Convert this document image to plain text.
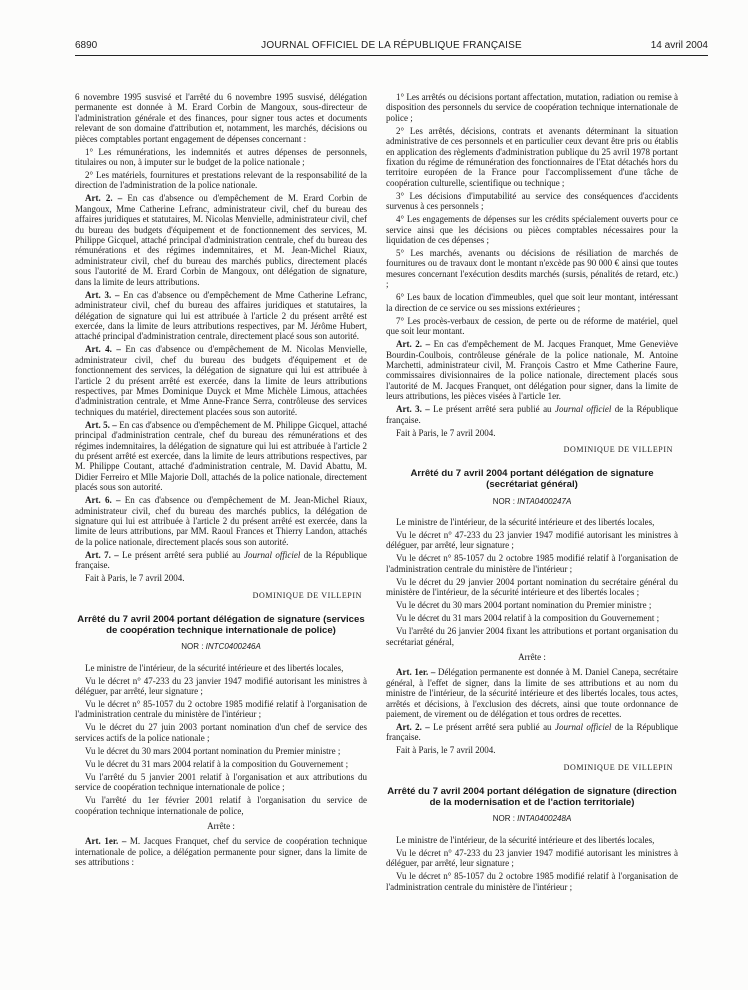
6890	JOURNAL OFFICIEL DE LA RÉPUBLIQUE FRANÇAISE	14 avril 2004

6 novembre 1995 susvisé et l'arrêté du 6 novembre 1995 susvisé, délégation permanente est donnée à M. Erard Corbin de Mangoux, sous-directeur de l'administration générale et des finances, pour signer tous actes et documents relevant de son domaine d'attribution et, notamment, les marchés, décisions ou pièces comptables portant engagement de dépenses concernant :

1° Les rémunérations, les indemnités et autres dépenses de personnels, titulaires ou non, à imputer sur le budget de la police nationale ;

2° Les matériels, fournitures et prestations relevant de la responsabilité de la direction de l'administration de la police nationale.

Art. 2. – En cas d'absence ou d'empêchement de M. Erard Corbin de Mangoux, Mme Catherine Lefranc, administrateur civil, chef du bureau des affaires juridiques et statutaires, M. Nicolas Menvielle, administrateur civil, chef du bureau des budgets d'équipement et de fonctionnement des services, M. Philippe Gicquel, attaché principal d'administration centrale, chef du bureau des rémunérations et des régimes indemnitaires, et M. Jean-Michel Riaux, administrateur civil, chef du bureau des marchés publics, directement placés sous l'autorité de M. Erard Corbin de Mangoux, ont délégation de signature, dans la limite de leurs attributions.

Art. 3. – En cas d'absence ou d'empêchement de Mme Catherine Lefranc, administrateur civil, chef du bureau des affaires juridiques et statutaires, la délégation de signature qui lui est attribuée à l'article 2 du présent arrêté est exercée, dans la limite de leurs attributions respectives, par M. Jérôme Hubert, attaché principal d'administration centrale, directement placé sous son autorité.

Art. 4. – En cas d'absence ou d'empêchement de M. Nicolas Menvielle, administrateur civil, chef du bureau des budgets d'équipement et de fonctionnement des services, la délégation de signature qui lui est attribuée à l'article 2 du présent arrêté est exercée, dans la limite de leurs attributions respectives, par Mmes Dominique Duyck et Mme Michèle Limous, attachées d'administration centrale, et Mme Anne-France Serra, contrôleuse des services techniques du matériel, directement placées sous son autorité.

Art. 5. – En cas d'absence ou d'empêchement de M. Philippe Gicquel, attaché principal d'administration centrale, chef du bureau des rémunérations et des régimes indemnitaires, la délégation de signature qui lui est attribuée à l'article 2 du présent arrêté est exercée, dans la limite de leurs attributions respectives, par M. Philippe Coutant, attaché d'administration centrale, M. David Abattu, M. Didier Ferreiro et Mlle Majorie Doll, attachés de la police nationale, directement placés sous son autorité.

Art. 6. – En cas d'absence ou d'empêchement de M. Jean-Michel Riaux, administrateur civil, chef du bureau des marchés publics, la délégation de signature qui lui est attribuée à l'article 2 du présent arrêté est exercée, dans la limite de leurs attributions, par MM. Raoul Frances et Thierry Landon, attachés de la police nationale, directement placés sous son autorité.

Art. 7. – Le présent arrêté sera publié au Journal officiel de la République française.

Fait à Paris, le 7 avril 2004.

DOMINIQUE DE VILLEPIN
Arrêté du 7 avril 2004 portant délégation de signature (services de coopération technique internationale de police)
NOR : INTC0400246A

Le ministre de l'intérieur, de la sécurité intérieure et des libertés locales,

Vu le décret n° 47-233 du 23 janvier 1947 modifié autorisant les ministres à déléguer, par arrêté, leur signature ;

Vu le décret n° 85-1057 du 2 octobre 1985 modifié relatif à l'organisation de l'administration centrale du ministère de l'intérieur ;

Vu le décret du 27 juin 2003 portant nomination d'un chef de service des services actifs de la police nationale ;

Vu le décret du 30 mars 2004 portant nomination du Premier ministre ;

Vu le décret du 31 mars 2004 relatif à la composition du Gouvernement ;

Vu l'arrêté du 5 janvier 2001 relatif à l'organisation et aux attributions du service de coopération technique internationale de police ;

Vu l'arrêté du 1er février 2001 relatif à l'organisation du service de coopération technique internationale de police,

Arrête :

Art. 1er. – M. Jacques Franquet, chef du service de coopération technique internationale de police, a délégation permanente pour signer, dans la limite de ses attributions :

1° Les arrêtés ou décisions portant affectation, mutation, radiation ou remise à disposition des personnels du service de coopération technique internationale de police ;

2° Les arrêtés, décisions, contrats et avenants déterminant la situation administrative de ces personnels et en particulier ceux devant être pris ou établis en application des règlements d'administration publique du 25 avril 1978 portant fixation du régime de rémunération des fonctionnaires de l'Etat détachés hors du territoire européen de la France pour l'accomplissement d'une tâche de coopération culturelle, scientifique ou technique ;

3° Les décisions d'imputabilité au service des conséquences d'accidents survenus à ces personnels ;

4° Les engagements de dépenses sur les crédits spécialement ouverts pour ce service ainsi que les décisions ou pièces comptables nécessaires pour la liquidation de ces dépenses ;

5° Les marchés, avenants ou décisions de résiliation de marchés de fournitures ou de travaux dont le montant n'excède pas 90 000 € ainsi que toutes mesures concernant l'exécution desdits marchés (sursis, pénalités de retard, etc.) ;

6° Les baux de location d'immeubles, quel que soit leur montant, intéressant la direction de ce service ou ses missions extérieures ;

7° Les procès-verbaux de cession, de perte ou de réforme de matériel, quel que soit leur montant.

Art. 2. – En cas d'empêchement de M. Jacques Franquet, Mme Geneviève Bourdin-Coulbois, contrôleuse générale de la police nationale, M. Antoine Marchetti, administrateur civil, M. François Castro et Mme Catherine Faure, commissaires divisionnaires de la police nationale, directement placés sous l'autorité de M. Jacques Franquet, ont délégation pour signer, dans la limite de leurs attributions, les pièces visées à l'article 1er.

Art. 3. – Le présent arrêté sera publié au Journal officiel de la République française.

Fait à Paris, le 7 avril 2004.

DOMINIQUE DE VILLEPIN
Arrêté du 7 avril 2004 portant délégation de signature (secrétariat général)
NOR : INTA0400247A

Le ministre de l'intérieur, de la sécurité intérieure et des libertés locales,

Vu le décret n° 47-233 du 23 janvier 1947 modifié autorisant les ministres à déléguer, par arrêté, leur signature ;

Vu le décret n° 85-1057 du 2 octobre 1985 modifié relatif à l'organisation de l'administration centrale du ministère de l'intérieur ;

Vu le décret du 29 janvier 2004 portant nomination du secrétaire général du ministère de l'intérieur, de la sécurité intérieure et des libertés locales ;

Vu le décret du 30 mars 2004 portant nomination du Premier ministre ;

Vu le décret du 31 mars 2004 relatif à la composition du Gouvernement ;

Vu l'arrêté du 26 janvier 2004 fixant les attributions et portant organisation du secrétariat général,

Arrête :

Art. 1er. – Délégation permanente est donnée à M. Daniel Canepa, secrétaire général, à l'effet de signer, dans la limite de ses attributions et au nom du ministre de l'intérieur, de la sécurité intérieure et des libertés locales, tous actes, arrêtés et décisions, à l'exclusion des décrets, ainsi que toute ordonnance de paiement, de virement ou de délégation et tous ordres de recettes.

Art. 2. – Le présent arrêté sera publié au Journal officiel de la République française.

Fait à Paris, le 7 avril 2004.

DOMINIQUE DE VILLEPIN
Arrêté du 7 avril 2004 portant délégation de signature (direction de la modernisation et de l'action territoriale)
NOR : INTA0400248A

Le ministre de l'intérieur, de la sécurité intérieure et des libertés locales,

Vu le décret n° 47-233 du 23 janvier 1947 modifié autorisant les ministres à déléguer, par arrêté, leur signature ;

Vu le décret n° 85-1057 du 2 octobre 1985 modifié relatif à l'organisation de l'administration centrale du ministère de l'intérieur ;
